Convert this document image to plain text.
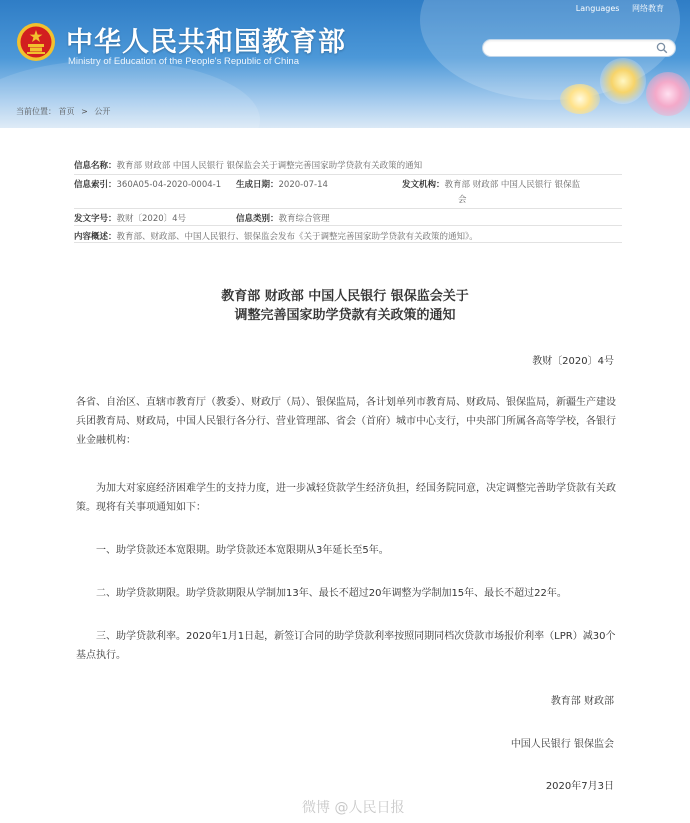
中华人民共和国教育部
Ministry of Education of the People's Republic of China
Languages 网络教育
当前位置： 首页 > 公开
信息名称：教育部 财政部 中国人民银行 银保监会关于调整完善国家助学贷款有关政策的通知
信息索引：360A05-04-2020-0004-1 生成日期：2020-07-14	发文机构：教育部 财政部 中国人民银行 银保监
会
发文字号：教财〔2020〕4号	信息类别：教育综合管理
内容概述：教育部、财政部、中国人民银行、银保监会发布《关于调整完善国家助学贷款有关政策的通知》。
教育部 财政部 中国人民银行 银保监会关于
调整完善国家助学贷款有关政策的通知
教财〔2020〕4号

各省、自治区、直辖市教育厅（教委）、财政厅（局）、银保监局，各计划单列市教育局、财政局、银保监局，新疆生产建设兵团教育局、财政局，中国人民银行各分行、营业管理部、省会（首府）城市中心支行，中央部门所属各高等学校，各银行业金融机构：

为加大对家庭经济困难学生的支持力度，进一步减轻贷款学生经济负担，经国务院同意，决定调整完善助学贷款有关政策。现将有关事项通知如下：

一、助学贷款还本宽限期。助学贷款还本宽限期从3年延长至5年。

二、助学贷款期限。助学贷款期限从学制加13年、最长不超过20年调整为学制加15年、最长不超过22年。

三、助学贷款利率。2020年1月1日起，新签订合同的助学贷款利率按照同期同档次贷款市场报价利率（LPR）减30个基点执行。

教育部 财政部
中国人民银行 银保监会
2020年7月3日
微博 @人民日报
